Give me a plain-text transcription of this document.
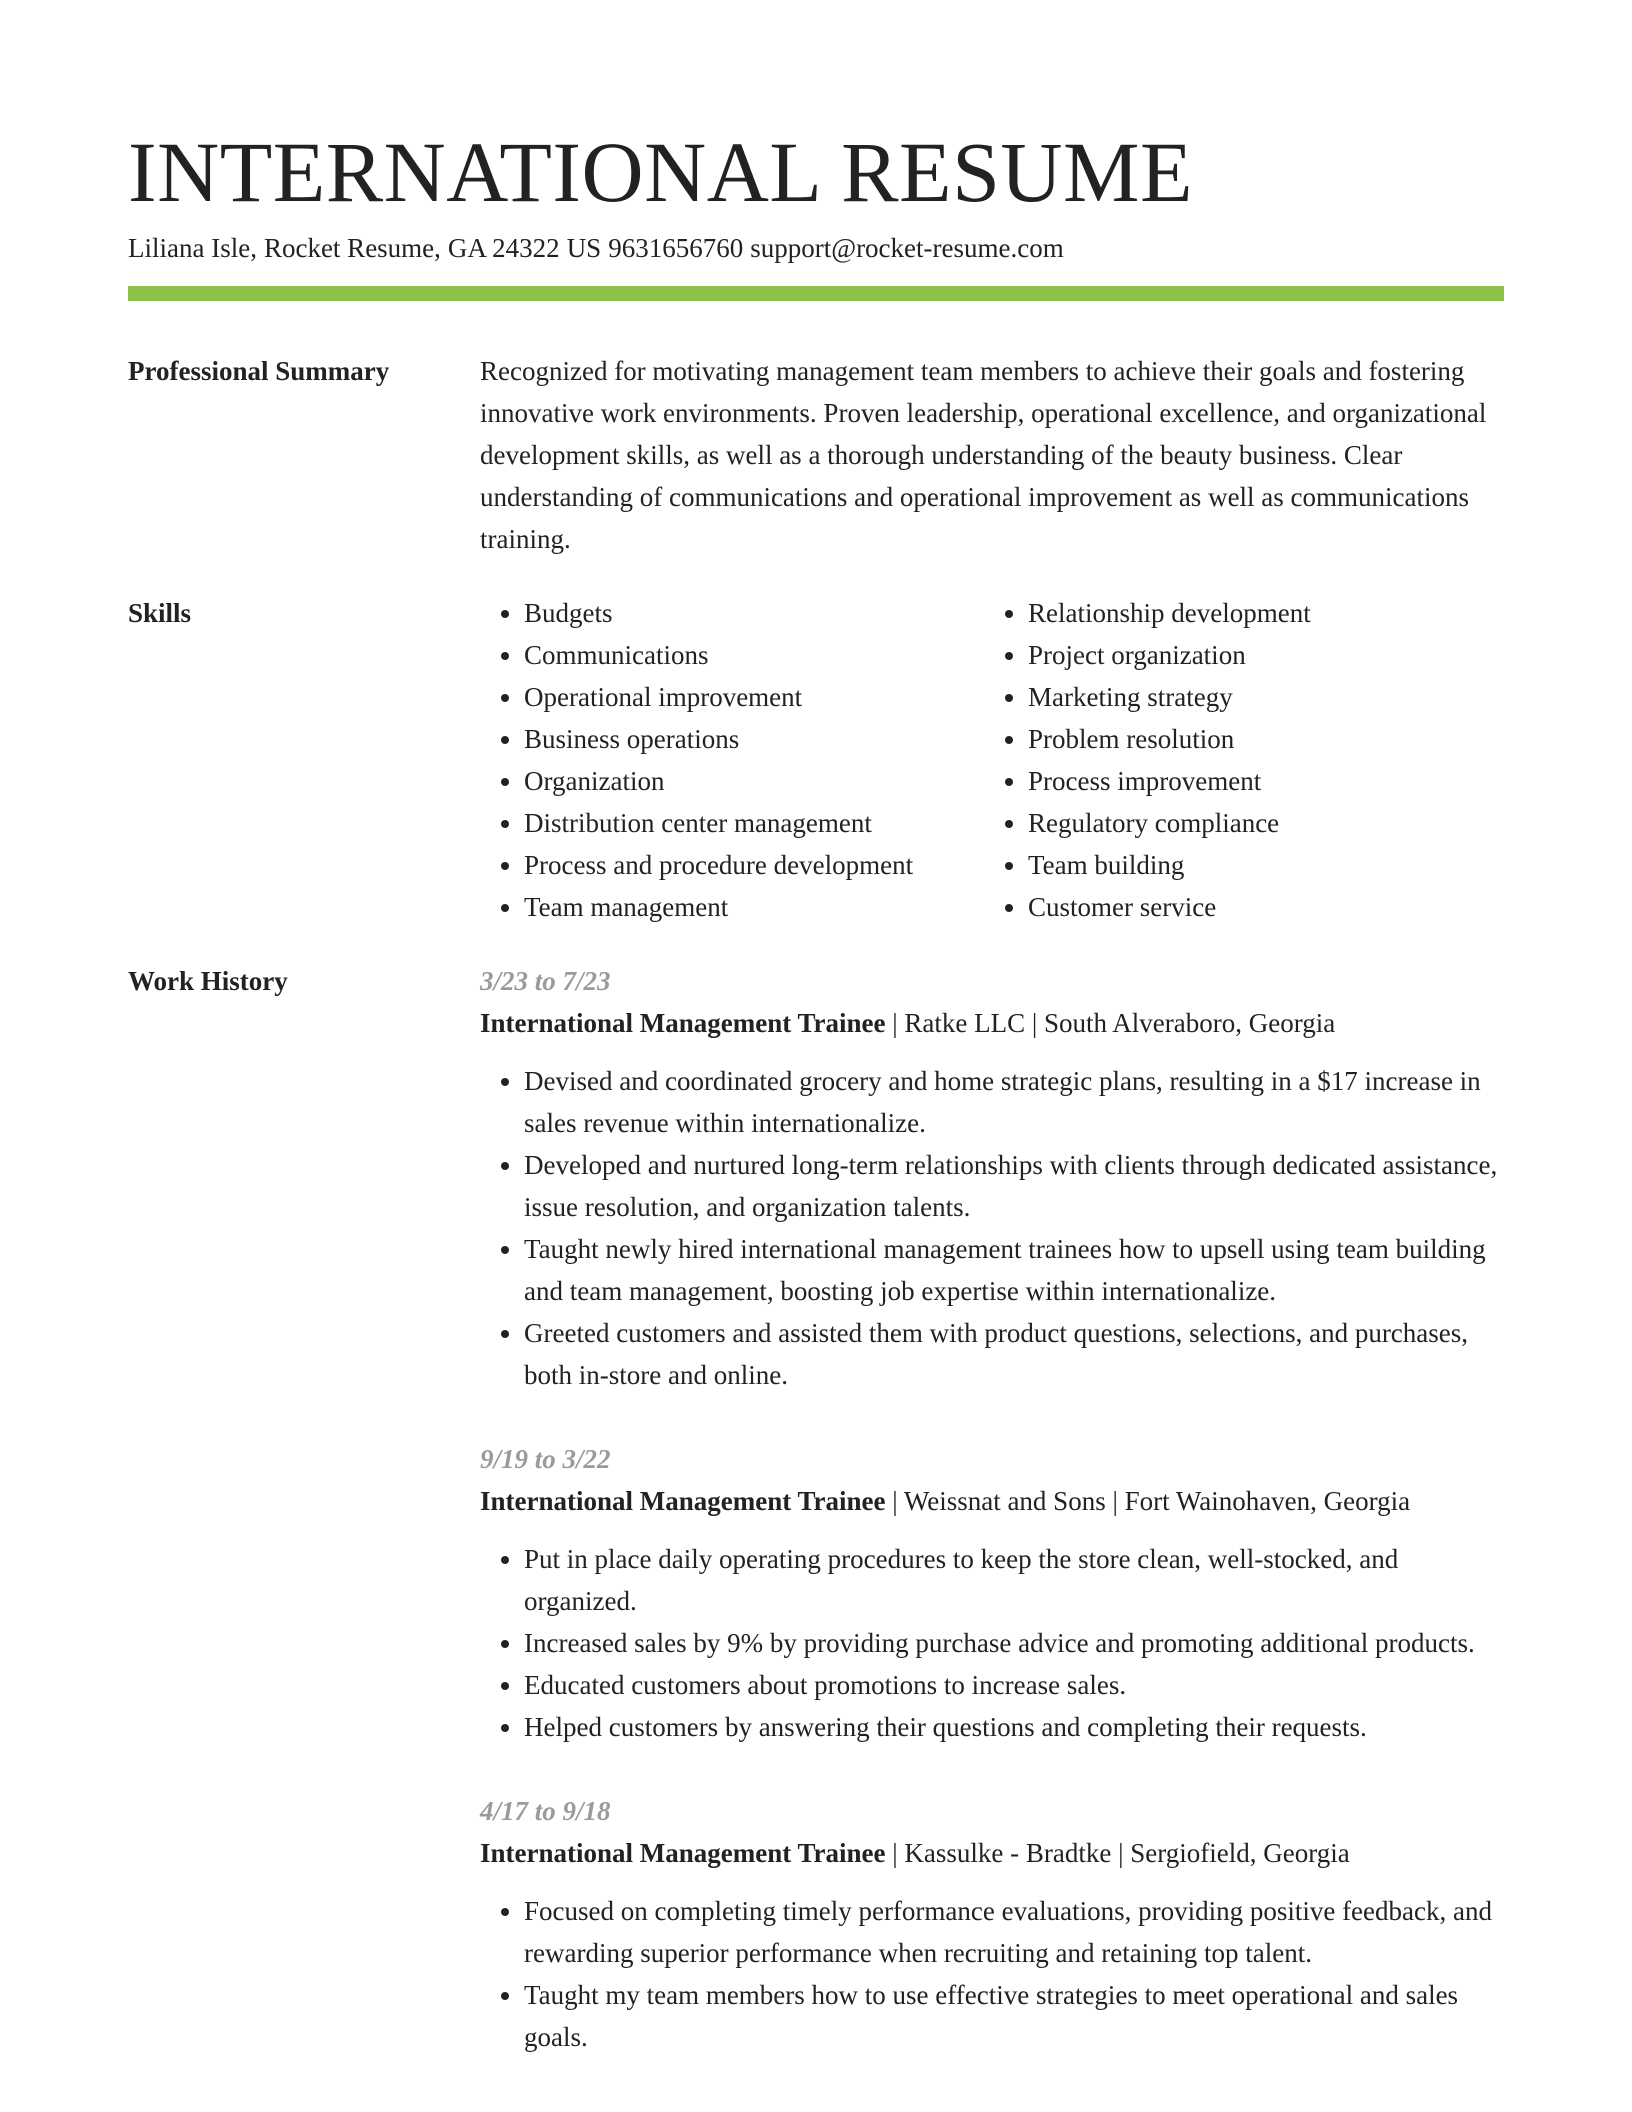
INTERNATIONAL RESUME
Liliana Isle, Rocket Resume, GA 24322 US 9631656760 support@rocket-resume.com
Professional Summary	Recognized for motivating management team members to achieve their goals and fostering innovative work environments. Proven leadership, operational excellence, and organizational development skills, as well as a thorough understanding of the beauty business. Clear understanding of communications and operational improvement as well as communications training.

Skills
•	Budgets
• Communications
• Operational improvement
• Business operations
• Organization
• Distribution center management
• Process and procedure development
• Team management
• Relationship development
• Project organization
• Marketing strategy
• Problem resolution
• Process improvement
• Regulatory compliance
• Team building
• Customer service
Work History	3/23 to 7/23
International Management Trainee | Ratke LLC | South Alveraboro, Georgia
• Devised and coordinated grocery and home strategic plans, resulting in a $17 increase in sales revenue within internationalize.
• Developed and nurtured long-term relationships with clients through dedicated assistance, issue resolution, and organization talents.
• Taught newly hired international management trainees how to upsell using team building and team management, boosting job expertise within internationalize.
• Greeted customers and assisted them with product questions, selections, and purchases, both in-store and online.
9/19 to 3/22
International Management Trainee | Weissnat and Sons | Fort Wainohaven, Georgia
• Put in place daily operating procedures to keep the store clean, well-stocked, and organized.
• Increased sales by 9% by providing purchase advice and promoting additional products.
• Educated customers about promotions to increase sales.
• Helped customers by answering their questions and completing their requests.
4/17 to 9/18
International Management Trainee | Kassulke - Bradtke | Sergiofield, Georgia
• Focused on completing timely performance evaluations, providing positive feedback, and rewarding superior performance when recruiting and retaining top talent.
• Taught my team members how to use effective strategies to meet operational and sales goals.
